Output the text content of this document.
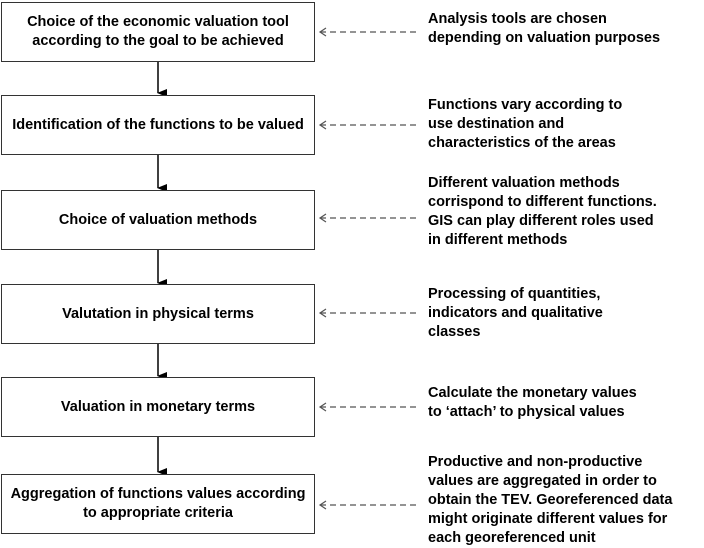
Choice of the economic valuation tool according to the goal to be achieved
Identification of the functions to be valued
Choice of valuation methods
Valutation in physical terms
Valuation in monetary terms
Aggregation of functions values according to appropriate criteria
Analysis tools are chosen
depending on valuation purposes
Functions vary according to
use destination and
characteristics of the areas
Different valuation methods
corrispond to different functions.
GIS can play different roles used
in different methods
Processing of quantities,
indicators and qualitative
classes
Calculate the monetary values
to ‘attach’ to physical values
Productive and non-productive
values are aggregated in order to
obtain the TEV. Georeferenced data
might originate different values for
each georeferenced unit
